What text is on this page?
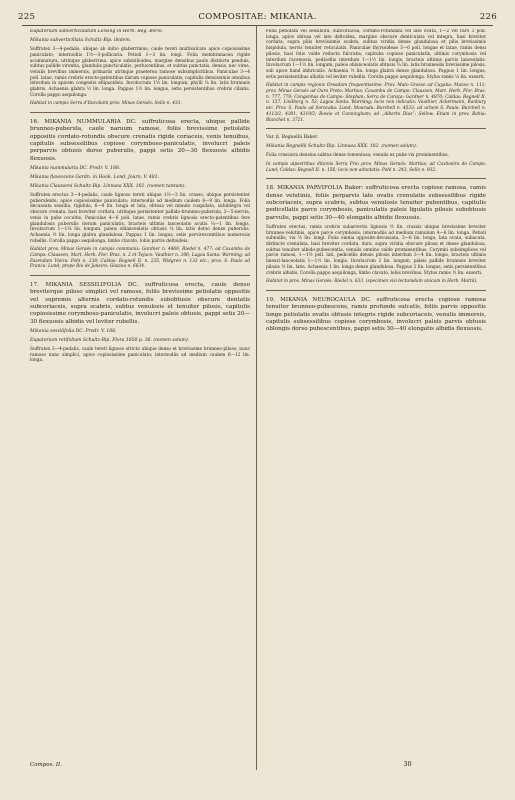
225	COMPOSITAE: MIKANIA.	226

Eupatorium subverticillatum Lessing in Herb. Reg. Berol.

Mikania subverticillata Schultz-Bip. ibidem.

Suffrutex 3—4-pedalis, ubique ab initio glaberrimus, caule tereti multisulcato apice copiosissime paniculato; internodiis 1½—3-pollicaria. Petioli 1—3 lin. longi. Folia membranacea rigide acuminatura, utrinque glaberrima, apice submilioidea, margine densibus paulo distincte penduls, subtus pallide virentia, glandulis puncticulatis, perlucentibus, et subtus punctatis, densis, nec vires, venulis brevibus immersis, primariis utrinque praeterea ramose subsimplicitibus. Paniculae 3—4 poll. latae, ramis crebris erecto-patentibus ilarum copiose paniculatis, capitulis densissimis omnibus interdum in apicem congestis ellipsoideis. Involucrum 1½ lin. longum, phylli ¼ lin. latis brunneis glabris. Achaenia glabra ½ lin. longa. Pappus 1½ lin. longus, setis persistentibus crebris ciliatis. Corolla pappo aequilonga.

Habitat in campis Serra d’Itacolumi prov. Minas Geraës: Sello n. 433.

16. MIKANIA NUMMULARIA DC. suffruticosa erecta, ubique pallide brunneo-puberula, caule naruum ramose, foliis brevissime petiolatis oppositis cordato-rotundis obscure crenatis rigide coriaceis, venis tenuibus, capitulis subsessilibus copiose corymboso-paniculatis, involucri paleis perparvis obtusis dorso puberulis, pappi setis 20—30 flexuosis albidis flexuosis.

Mikania nummularia DC. Prodr. V. 188.

Mikania flavescens Gardn. in Hook. Lond. Journ. V. 481.

Mikania Clausseni Schultz-Bip. Linnaea XXX. 182. (nomen tantum).

Suffrutex erectus 3—4-pedalis, caule lignoso tereti ubique 1½—3 lin. crasso, ubique persistenter puberulente, apice copiosissime paniculato; internodiis ad medium caulem 6—9 lin. longa. Folia decussata sessilia, rigidula, 6—9 lin. longa et lata, obtusa vel minute cuspidata, subintegra vel obscure crenata, basi breviter cordata, utrinque persistenter pallido-brunneo-puberula, 3—5-nervia, venis in pube occultis. Paniculae 4—6 poll. latae, ramis crebris lignosis erecto-patentibus fere glandulosis puberulis iterum paniculatis, bracteis ultimis lanceolatis acutis ¼—1 lin. longis. Involucrum 1—1¼ lin. longum, paleis oblanceolatis obtusis ¼ lin. latis dorso dense puberulis. Achaenia ½ lin. longa glabra glandulosa. Pappus 1 lin. longus, setis pervirescentibus numerosis rubellis. Corolla pappo aequilonga, limbo clavato, lobis parvis deltoideis.

Habitat prov. Minas Geraës in campis communis: Gardner n. 4469, Riedel n. 477; ad Caxambu de Campo: Claussen, Mart. Herb. Flor. Bras. n. 2 et Tejuco: Vauthier n. 306; Lagoa Santa: Warming; ad Fazendam Vieira: Pohl n. 238; Caldas: Regnell II. n. 235, Widgren n. 133 etc.; prov. S. Paulo ad Franca: Lund; prope Rio de Janeiro: Glaziou n. 6634.

17. MIKANIA SESSILIFOLIA DC. suffruticosa erecta, caule denso breviterque piloso simplici vel ramose, foliis brevissime petiolatis oppositis vel supremis alternis cordato-rotundis subobtusis obscure dentatis subcoriaceis, supra scabris, subtus venulosis et tenuiter pilosis, capitulis copiosissime corymboso-paniculatis, involucri paleis obtusis, pappi setis 20—30 flexuosis albidis vel leviter rubellis.

Mikania sessilifolia DC. Prodr. V. 188.

Eupatorium retifolium Schultz-Bip. Flora 1850 p. 36. (nomen solum).

Suffrutex 3—4-pedalis, caule tereti lignoso stricto ubique denso et brevissime brunneo-piloso, nunc ramoso nunc simplici, apice copiosissime paniculato; internodiis ad medium caulem 6—12 lin. longa.

Folia petiolata vel sessiliora, subcoriacea, cordato-rotundata vel late ovata, 1—2 vel raro 3 poll. longa, apice obtusa vel late deltoidea, margine obscure denticulata vel integra, basi breviter cordata, supra pilis brevissimis scabra, subtus viridia dense glandulosa et pilis brevissimis hispidula, nervis tenuiter reticulatis. Paniculae thyrsoideae 3—6 poll. longae et latae, ramis densi pilosis, basi folio valde reducta fulcratis; capitulis copiose paniculatis, ultimis corymbosis vel interdum racemosis, pedicellis interdum 1—1½ lin. longis, bracteis ultimis parvis lanceolatis. Involucrum 1—1½ lin. longum, paleis oblanceolatis obtusis ¼ lin. latis brunneolis brevissime pilosis, sub apice hand imbricatis. Achaenia ½ lin. longa glabra dense glandulosa. Pappus 1 lin. longus, setis persistentibus albidis vel leviter rubellis. Corolla pappo aequilonga. Stylus ramis ¼ lin. exserti.

Habitat in campis regionis Oreadum frequentissime. Prov. Mato Grosso ad Cuyaba: Manso n. 111; prov. Minas Geraës ad Ouro Preto: Martius; Caxambu de Campo: Claussen, Mart. Herb. Flor. Bras. n. 777, 779; Congonhas do Campo: Stephan; Serra de Caraça: Gardner n. 4870; Caldas: Regnell II. n. 157, Lindberg n. 53; Lagoa Santa: Warming; locis non indicatis: Vauthier, Ackermann, Banbury etc. Prov. S. Paulo ad Sorocaba: Lund; Mourada: Burchell n. 4533; ad urbem S. Paulo: Burchell n. 4113/2, 4301, 4319/2; Bowie et Cunningham; ad „Alberto Dias“: Sellow. Etiam in prov. Bahia: Blanchet n. 3721.

Var. β. Regnellii Baker.

Mikania Regnellii Schultz-Bip. Linnaea XXX. 182. (nomen solum).

Folia crassiora densius subtus dense tomentosa; venulis ex pube vix prominentibus.

In campis alpestribus ditionis Serra Frio prov. Minas Geraës: Martius; ad Caxhoeira do Campo: Lund; Caldas: Regnell II. n. 156; locis non adnotatis: Pohl n. 243, Sello n. 932.

18. MIKANIA PARVIFOLIA Baker: suffruticosa erecta copiose ramosa, ramis dense velutinis, foliis perparvis late ovatis crenulatis subsessilibus rigide subcoriaceis, supra scabris, subtus venulosis tenuiter pubentibus, capitulis pedicellatis parce corymbosis, paniculatis paleis ligulatis pilosis subobtusis parvulis, pappi setis 30—40 elongatis albidis flexuosis.

Suffrutex erectus, ramis crebris subarrectis lignosis ½ lin. crassis ubique brevissime breviter brunneo-velutinis, apice parce corymbosis; internodiis ad medium ramulum 4—6 lin. longa. Petioli subnullis, via ½ lin. longi. Folia omnia opposito-decussata, 3—6 lin. longa, lata ovata, subacuta, distincte crenulata, basi breviter cordata, dura, supra viridia obscure pilosa et dense glandulosa, subtus tenuiter albido-pubescentia, venulis omnino valde prominentibus. Corymbi subsimplices vel parce ramosi, 1—1½ poll. lati, pedicellis densis pilosis interdum 3—4 lin. longis, bracteis ultimis lineari-lanceolatis 1—1½ lin. longis. Involucrum 2 lin. longum, paleis pallide brunneis breviter pilosis ½ lin. latis. Achaenia 1 lin. longa dense glandulosa. Pappus 2 lin. longus, setis persistentibus crebris albidis. Corolla pappo aequilonga, limbo clavato, lobis brevibus. Stylus ramis ½ lin. exserti.

Habitat in prov. Minas Geraës: Riedel n. 633. (specimen visi lectumdum unicum in Herb. Martii).

19. MIKANIA NEUROCAULA DC. suffruticosa erecta copiose ramosa tenuiter brunneo-pubescens, ramis profunde sulcatis, foliis parvis oppositis longe petiolatis ovatis obtusis integris rigide subcoriaceis, venulis immersis, capitulis subsessilibus copiose corymbosis, involucri paleis parvis obtusis oblongis dorso pubescentibus, pappi setis 30—40 elongatis albidis flexuosis.

Compos. II.	30
